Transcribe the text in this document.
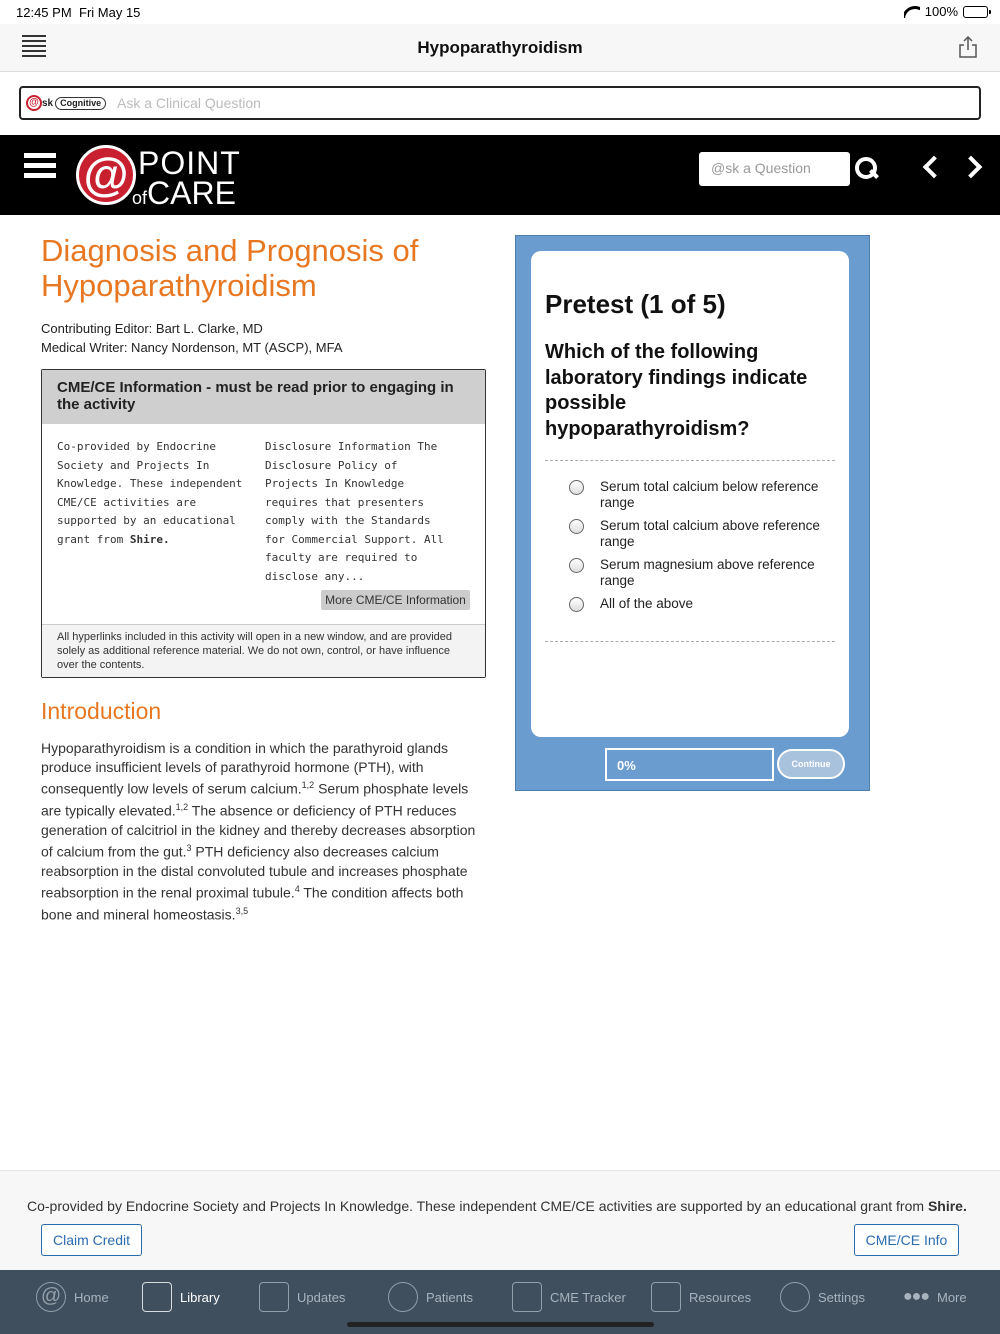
12:45 PM Fri May 15	100%
Hypoparathyroidism
@ sk Cognitive	Ask a Clinical Question
@ POINT
ofCARE
@sk a Question
Diagnosis and Prognosis of Hypoparathyroidism
Contributing Editor: Bart L. Clarke, MD
Medical Writer: Nancy Nordenson, MT (ASCP), MFA
CME/CE Information - must be read prior to engaging in the activity
Co-provided by Endocrine Society and Projects In Knowledge. These independent CME/CE activities are supported by an educational grant from Shire.
Disclosure Information The Disclosure Policy of Projects In Knowledge requires that presenters comply with the Standards for Commercial Support. All faculty are required to disclose any...
More CME/CE Information
All hyperlinks included in this activity will open in a new window, and are provided solely as additional reference material. We do not own, control, or have influence over the contents.
Introduction
Hypoparathyroidism is a condition in which the parathyroid glands produce insufficient levels of parathyroid hormone (PTH), with consequently low levels of serum calcium.$^{1,2}$ Serum phosphate levels are typically elevated.$^{1,2}$ The absence or deficiency of PTH reduces generation of calcitriol in the kidney and thereby decreases absorption of calcium from the gut.$^3$ PTH deficiency also decreases calcium reabsorption in the distal convoluted tubule and increases phosphate reabsorption in the renal proximal tubule.$^4$ The condition affects both bone and mineral homeostasis.$^{3,5}$
Pretest (1 of 5)
Which of the following laboratory findings indicate possible hypoparathyroidism?
Serum total calcium below reference range
Serum total calcium above reference range
Serum magnesium above reference range
All of the above
0%	Continue
Co-provided by Endocrine Society and Projects In Knowledge. These independent CME/CE activities are supported by an educational grant from Shire.
Claim Credit	CME/CE Info
@ Home	Library	Updates	Patients	CME Tracker	Resources	Settings ●●● More
